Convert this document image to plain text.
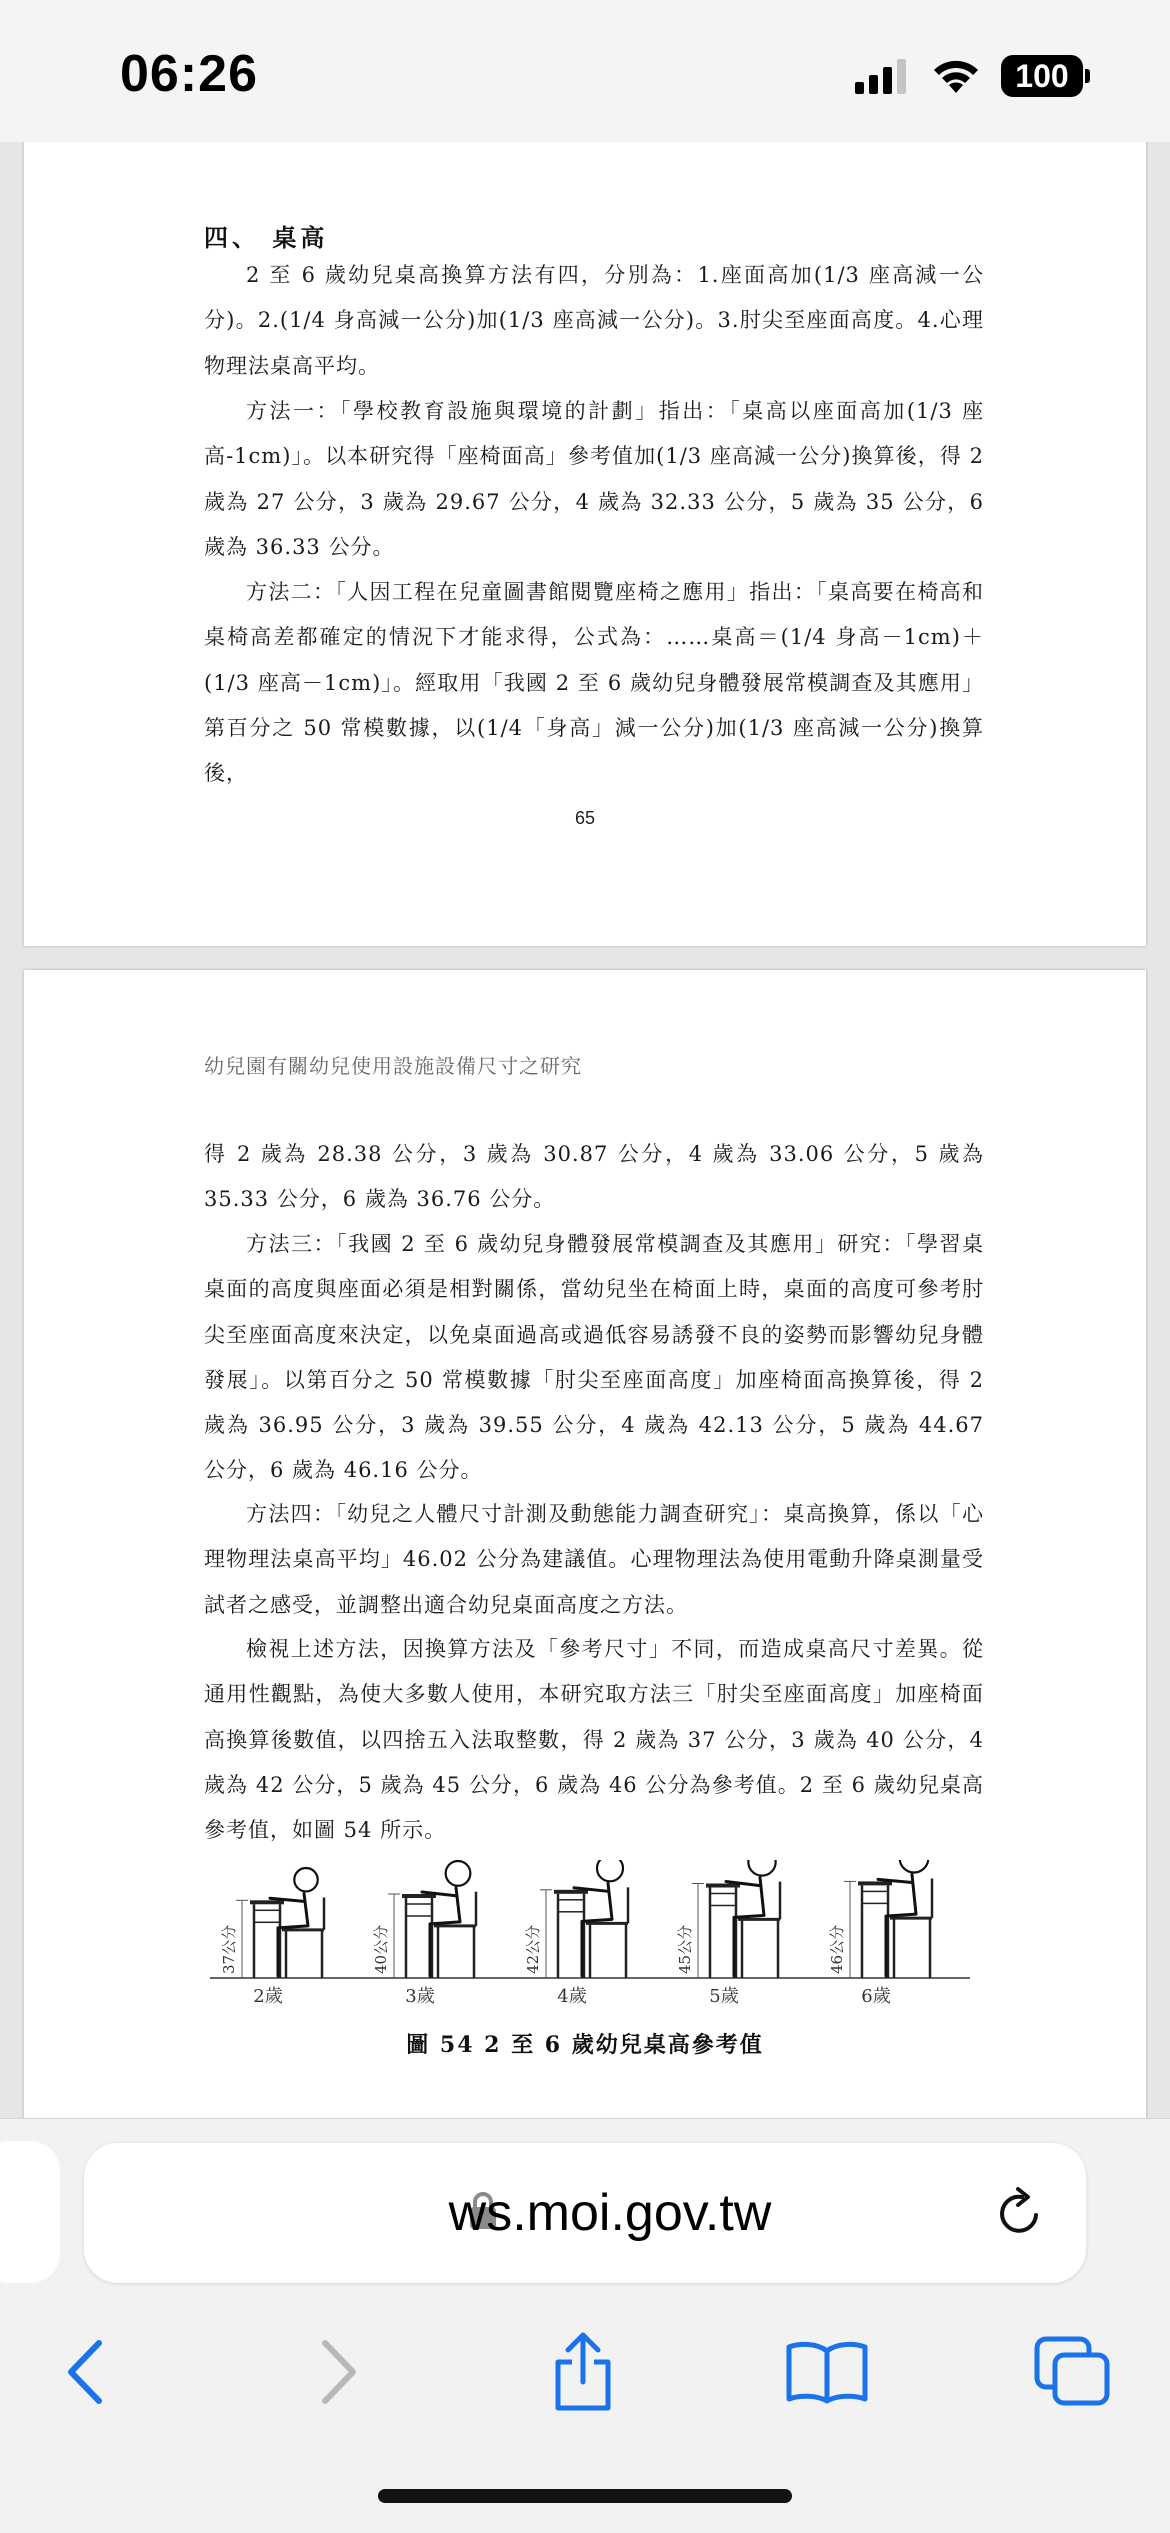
06:26	100
四、 桌高

2 至 6 歲幼兒桌高換算方法有四，分別為：1.座面高加(1/3 座高減一公分)。2.(1/4 身高減一公分)加(1/3 座高減一公分)。3.肘尖至座面高度。4.心理物理法桌高平均。

方法一：「學校教育設施與環境的計劃」指出：「桌高以座面高加(1/3 座高-1cm)」。以本研究得「座椅面高」參考值加(1/3 座高減一公分)換算後，得 2 歲為 27 公分，3 歲為 29.67 公分，4 歲為 32.33 公分，5 歲為 35 公分，6 歲為 36.33 公分。

方法二：「人因工程在兒童圖書館閱覽座椅之應用」指出：「桌高要在椅高和桌椅高差都確定的情況下才能求得，公式為：……桌高＝(1/4 身高－1cm)＋(1/3 座高－1cm)」。經取用「我國 2 至 6 歲幼兒身體發展常模調查及其應用」第百分之 50 常模數據，以(1/4「身高」減一公分)加(1/3 座高減一公分)換算後，

65
幼兒園有關幼兒使用設施設備尺寸之研究

得 2 歲為 28.38 公分，3 歲為 30.87 公分，4 歲為 33.06 公分，5 歲為 35.33 公分，6 歲為 36.76 公分。

方法三：「我國 2 至 6 歲幼兒身體發展常模調查及其應用」研究：「學習桌桌面的高度與座面必須是相對關係，當幼兒坐在椅面上時，桌面的高度可參考肘尖至座面高度來決定，以免桌面過高或過低容易誘發不良的姿勢而影響幼兒身體發展」。以第百分之 50 常模數據「肘尖至座面高度」加座椅面高換算後，得 2 歲為 36.95 公分，3 歲為 39.55 公分，4 歲為 42.13 公分，5 歲為 44.67 公分，6 歲為 46.16 公分。

方法四：「幼兒之人體尺寸計測及動態能力調查研究」：桌高換算，係以「心理物理法桌高平均」46.02 公分為建議值。心理物理法為使用電動升降桌測量受試者之感受，並調整出適合幼兒桌面高度之方法。

檢視上述方法，因換算方法及「參考尺寸」不同，而造成桌高尺寸差異。從通用性觀點，為使大多數人使用，本研究取方法三「肘尖至座面高度」加座椅面高換算後數值，以四捨五入法取整數，得 2 歲為 37 公分，3 歲為 40 公分，4 歲為 42 公分，5 歲為 45 公分，6 歲為 46 公分為參考值。2 至 6 歲幼兒桌高參考值，如圖 54 所示。

37公分
2歲
40公分
3歲
42公分
4歲
45公分
5歲
46公分
6歲
圖 54 2 至 6 歲幼兒桌高參考值
ws.moi.gov.tw
